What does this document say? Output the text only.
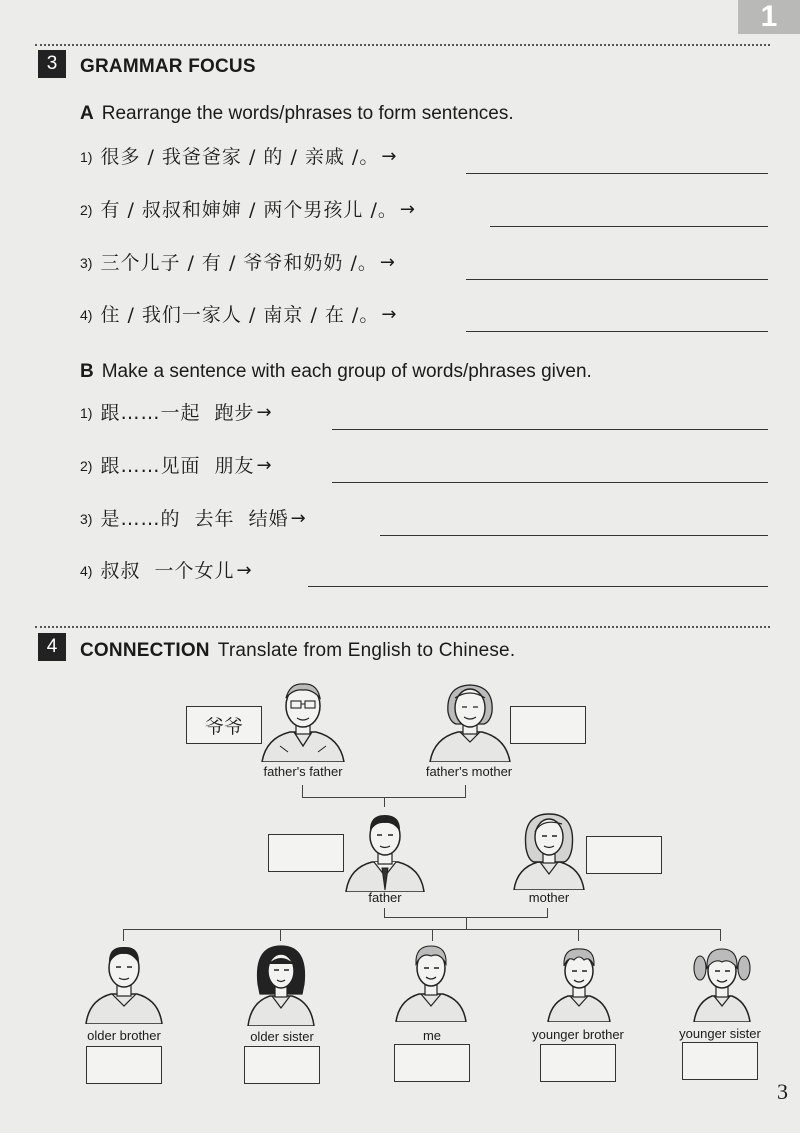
1
3	GRAMMAR FOCUS
A Rearrange the words/phrases to form sentences.
1) 很多 / 我爸爸家 / 的 / 亲戚 /。 →
2) 有 / 叔叔和婶婶 / 两个男孩儿 /。 →
3) 三个儿子 / 有 / 爷爷和奶奶 /。 →
4) 住 / 我们一家人 / 南京 / 在 /。 →
B Make a sentence with each group of words/phrases given.
1) 跟……一起  跑步 →
2) 跟……见面  朋友 →
3) 是……的  去年  结婚 →
4) 叔叔  一个女儿 →
4	CONNECTION Translate from English to Chinese.
father's father
爷爷
father's mother
father	mother
older brother	older sister	me	younger brother	younger sister
3
